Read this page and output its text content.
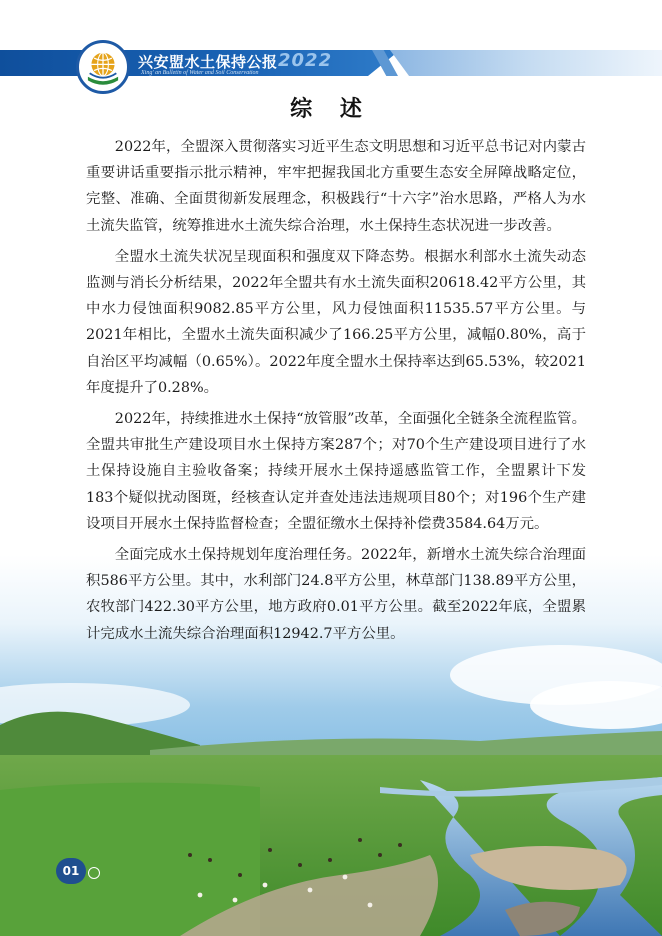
兴安盟水土保持公报
Xing' an Bulletin of Water and Soil Conservation
2022
综 述

2022年，全盟深入贯彻落实习近平生态文明思想和习近平总书记对内蒙古重要讲话重要指示批示精神，牢牢把握我国北方重要生态安全屏障战略定位，完整、准确、全面贯彻新发展理念，积极践行“十六字”治水思路，严格人为水土流失监管，统筹推进水土流失综合治理，水土保持生态状况进一步改善。

全盟水土流失状况呈现面积和强度双下降态势。根据水利部水土流失动态监测与消长分析结果，2022年全盟共有水土流失面积20618.42平方公里，其中水力侵蚀面积9082.85平方公里，风力侵蚀面积11535.57平方公里。与2021年相比，全盟水土流失面积减少了166.25平方公里，减幅0.80%，高于自治区平均减幅（0.65%）。2022年度全盟水土保持率达到65.53%，较2021年度提升了0.28%。

2022年，持续推进水土保持“放管服”改革，全面强化全链条全流程监管。全盟共审批生产建设项目水土保持方案287个；对70个生产建设项目进行了水土保持设施自主验收备案；持续开展水土保持遥感监管工作，全盟累计下发183个疑似扰动图斑，经核查认定并查处违法违规项目80个；对196个生产建设项目开展水土保持监督检查；全盟征缴水土保持补偿费3584.64万元。

全面完成水土保持规划年度治理任务。2022年，新增水土流失综合治理面积586平方公里。其中，水利部门24.8平方公里，林草部门138.89平方公里，农牧部门422.30平方公里，地方政府0.01平方公里。截至2022年底，全盟累计完成水土流失综合治理面积12942.7平方公里。

01
